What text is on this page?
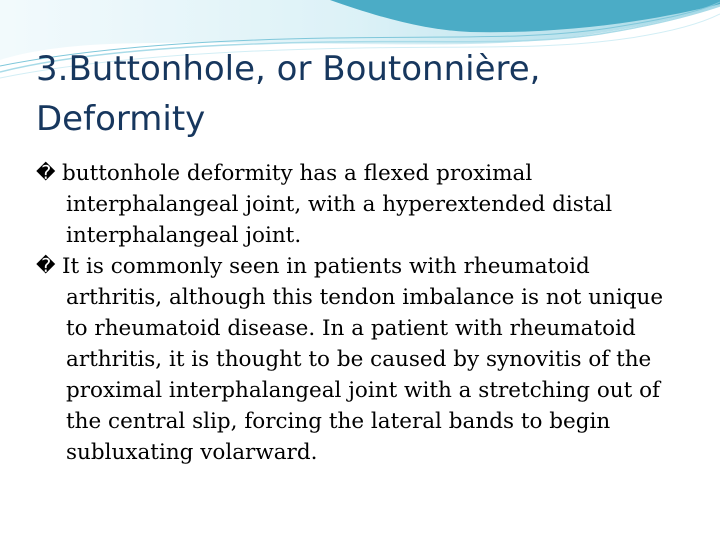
3.Buttonhole, or Boutonnière,
Deformity
� buttonhole deformity has a flexed proximal interphalangeal joint, with a hyperextended distal interphalangeal joint.
� It is commonly seen in patients with rheumatoid arthritis, although this tendon imbalance is not unique to rheumatoid disease. In a patient with rheumatoid arthritis, it is thought to be caused by synovitis of the proximal interphalangeal joint with a stretching out of the central slip, forcing the lateral bands to begin subluxating volarward.
